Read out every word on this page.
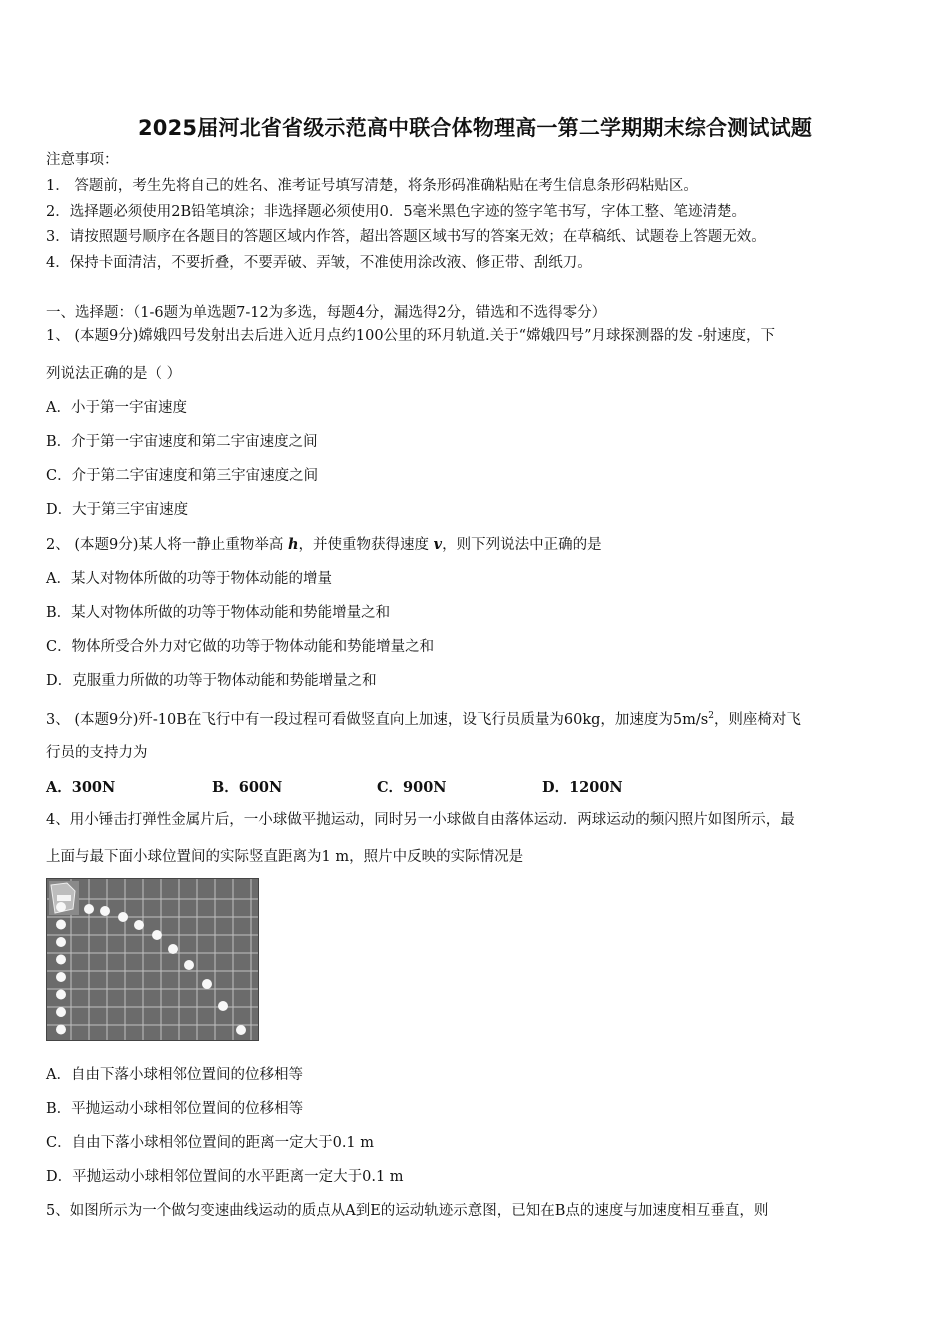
2025届河北省省级示范高中联合体物理高一第二学期期末综合测试试题
注意事项：
1． 答题前，考生先将自己的姓名、准考证号填写清楚，将条形码准确粘贴在考生信息条形码粘贴区。
2．选择题必须使用2B铅笔填涂；非选择题必须使用0．5毫米黑色字迹的签字笔书写，字体工整、笔迹清楚。
3．请按照题号顺序在各题目的答题区域内作答，超出答题区域书写的答案无效；在草稿纸、试题卷上答题无效。
4．保持卡面清洁，不要折叠，不要弄破、弄皱，不准使用涂改液、修正带、刮纸刀。
一、选择题：（1-6题为单选题7-12为多选，每题4分，漏选得2分，错选和不选得零分）
1、 (本题9分)嫦娥四号发射出去后进入近月点约100公里的环月轨道.关于“嫦娥四号”月球探测器的发 -射速度，下
列说法正确的是（ ）
A．小于第一宇宙速度
B．介于第一宇宙速度和第二宇宙速度之间
C．介于第二宇宙速度和第三宇宙速度之间
D．大于第三宇宙速度
2、 (本题9分)某人将一静止重物举高 h，并使重物获得速度 v，则下列说法中正确的是
A．某人对物体所做的功等于物体动能的增量
B．某人对物体所做的功等于物体动能和势能增量之和
C．物体所受合外力对它做的功等于物体动能和势能增量之和
D．克服重力所做的功等于物体动能和势能增量之和
3、 (本题9分)歼-10B在飞行中有一段过程可看做竖直向上加速，设飞行员质量为60kg，加速度为$5m/s^2$，则座椅对飞
行员的支持力为
A．300N	B．600N	C．900N	D．1200N
4、用小锤击打弹性金属片后，一小球做平抛运动，同时另一小球做自由落体运动．两球运动的频闪照片如图所示，最
上面与最下面小球位置间的实际竖直距离为1 m，照片中反映的实际情况是
A．自由下落小球相邻位置间的位移相等
B．平抛运动小球相邻位置间的位移相等
C．自由下落小球相邻位置间的距离一定大于0.1 m
D．平抛运动小球相邻位置间的水平距离一定大于0.1 m
5、如图所示为一个做匀变速曲线运动的质点从A到E的运动轨迹示意图，已知在B点的速度与加速度相互垂直，则
